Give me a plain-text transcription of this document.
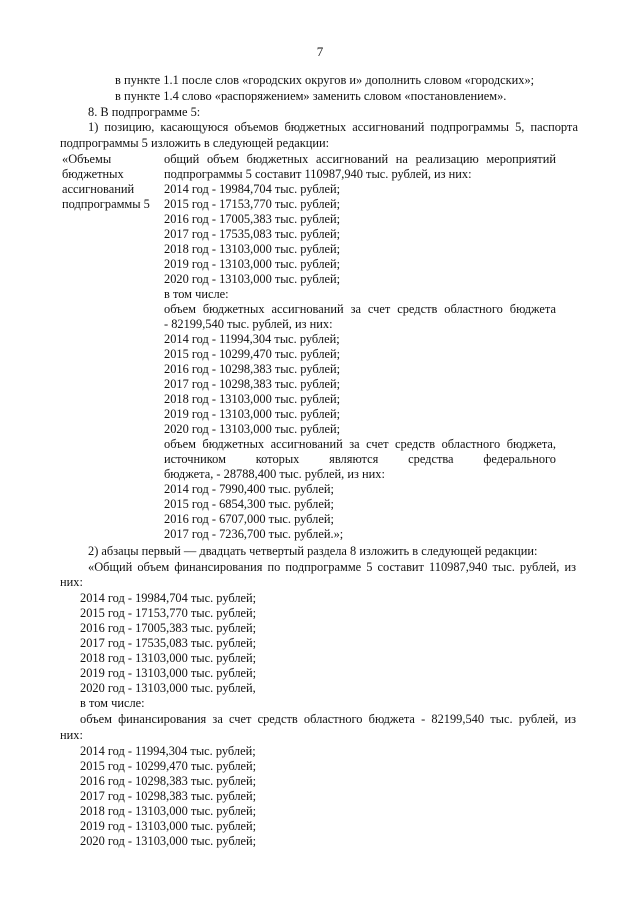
7
в пункте 1.1 после слов «городских округов и» дополнить словом «городских»;
в пункте 1.4 слово «распоряжением» заменить словом «постановлением».
8. В подпрограмме 5:
1) позицию, касающуюся объемов бюджетных ассигнований подпрограммы 5, паспорта
подпрограммы 5 изложить в следующей редакции:
«Объемы
бюджетных
ассигнований
подпрограммы 5
общий объем бюджетных ассигнований на реализацию мероприятий
подпрограммы 5 составит 110987,940 тыс. рублей, из них:
2014 год - 19984,704 тыс. рублей;
2015 год - 17153,770 тыс. рублей;
2016 год - 17005,383 тыс. рублей;
2017 год - 17535,083 тыс. рублей;
2018 год - 13103,000 тыс. рублей;
2019 год - 13103,000 тыс. рублей;
2020 год - 13103,000 тыс. рублей;
в том числе:
объем бюджетных ассигнований за счет средств областного бюджета
- 82199,540 тыс. рублей, из них:
2014 год - 11994,304 тыс. рублей;
2015 год - 10299,470 тыс. рублей;
2016 год - 10298,383 тыс. рублей;
2017 год - 10298,383 тыс. рублей;
2018 год - 13103,000 тыс. рублей;
2019 год - 13103,000 тыс. рублей;
2020 год - 13103,000 тыс. рублей;
объем бюджетных ассигнований за счет средств областного бюджета,
источником которых являются средства федерального
бюджета, - 28788,400 тыс. рублей, из них:
2014 год - 7990,400 тыс. рублей;
2015 год - 6854,300 тыс. рублей;
2016 год - 6707,000 тыс. рублей;
2017 год - 7236,700 тыс. рублей.»;
2) абзацы первый — двадцать четвертый раздела 8 изложить в следующей редакции:
«Общий объем финансирования по подпрограмме 5 составит 110987,940 тыс. рублей, из
них:
2014 год - 19984,704 тыс. рублей;
2015 год - 17153,770 тыс. рублей;
2016 год - 17005,383 тыс. рублей;
2017 год - 17535,083 тыс. рублей;
2018 год - 13103,000 тыс. рублей;
2019 год - 13103,000 тыс. рублей;
2020 год - 13103,000 тыс. рублей,
в том числе:
объем финансирования за счет средств областного бюджета - 82199,540 тыс. рублей, из
них:
2014 год - 11994,304 тыс. рублей;
2015 год - 10299,470 тыс. рублей;
2016 год - 10298,383 тыс. рублей;
2017 год - 10298,383 тыс. рублей;
2018 год - 13103,000 тыс. рублей;
2019 год - 13103,000 тыс. рублей;
2020 год - 13103,000 тыс. рублей;
